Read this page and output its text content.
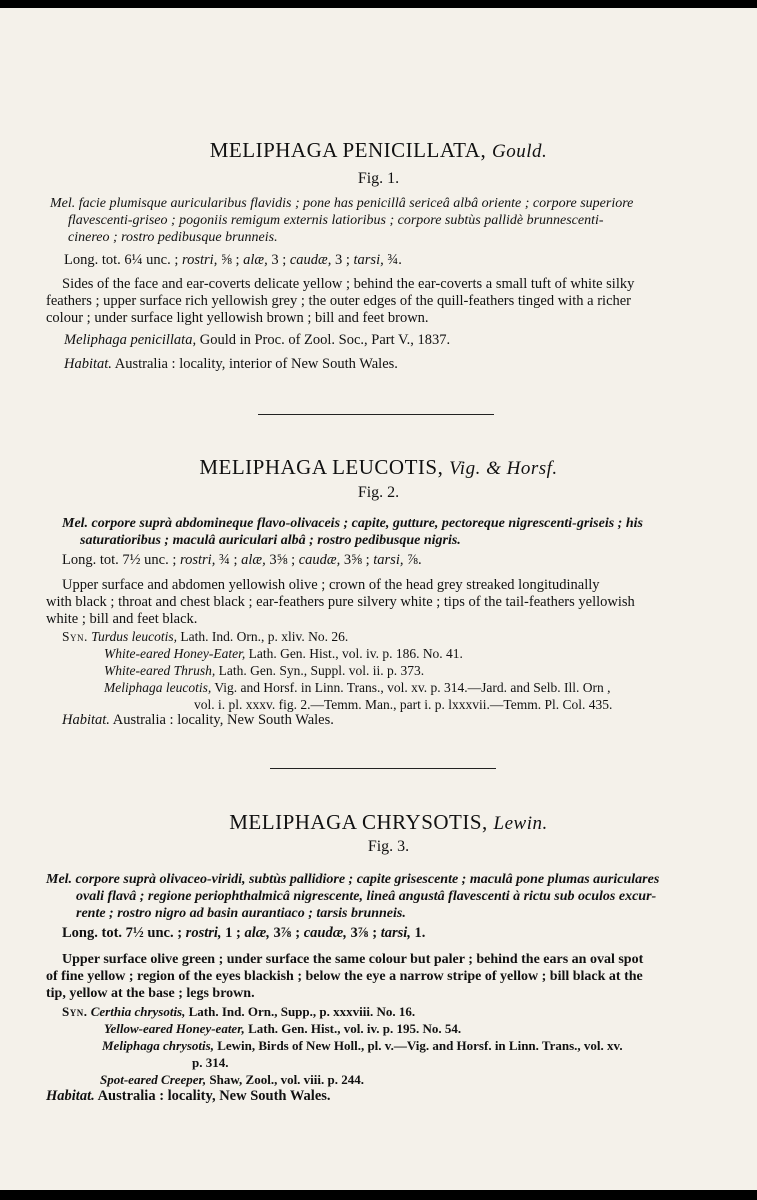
MELIPHAGA PENICILLATA, Gould.
Fig. 1.
Mel. facie plumisque auricularibus flavidis ; pone has penicillâ sericeâ albâ oriente ; corpore superiore
flavescenti-griseo ; pogoniis remigum externis latioribus ; corpore subtùs pallidè brunnescenti-
cinereo ; rostro pedibusque brunneis.
Long. tot. 6¼ unc. ; rostri, ⅝ ; alæ, 3 ; caudæ, 3 ; tarsi, ¾.
Sides of the face and ear-coverts delicate yellow ; behind the ear-coverts a small tuft of white silky
feathers ; upper surface rich yellowish grey ; the outer edges of the quill-feathers tinged with a richer
colour ; under surface light yellowish brown ; bill and feet brown.
Meliphaga penicillata, Gould in Proc. of Zool. Soc., Part V., 1837.
Habitat. Australia : locality, interior of New South Wales.
MELIPHAGA LEUCOTIS, Vig. & Horsf.
Fig. 2.
Mel. corpore suprà abdomineque flavo-olivaceis ; capite, gutture, pectoreque nigrescenti-griseis ; his
saturatioribus ; maculâ auriculari albâ ; rostro pedibusque nigris.
Long. tot. 7½ unc. ; rostri, ¾ ; alæ, 3⅝ ; caudæ, 3⅝ ; tarsi, ⅞.
Upper surface and abdomen yellowish olive ; crown of the head grey streaked longitudinally
with black ; throat and chest black ; ear-feathers pure silvery white ; tips of the tail-feathers yellowish
white ; bill and feet black.
Syn. Turdus leucotis, Lath. Ind. Orn., p. xliv. No. 26.
White-eared Honey-Eater, Lath. Gen. Hist., vol. iv. p. 186. No. 41.
White-eared Thrush, Lath. Gen. Syn., Suppl. vol. ii. p. 373.
Meliphaga leucotis, Vig. and Horsf. in Linn. Trans., vol. xv. p. 314.—Jard. and Selb. Ill. Orn ,
vol. i. pl. xxxv. fig. 2.—Temm. Man., part i. p. lxxxvii.—Temm. Pl. Col. 435.
Habitat. Australia : locality, New South Wales.
MELIPHAGA CHRYSOTIS, Lewin.
Fig. 3.
Mel. corpore suprà olivaceo-viridi, subtùs pallidiore ; capite grisescente ; maculâ pone plumas auriculares
ovali flavâ ; regione periophthalmicâ nigrescente, lineâ angustâ flavescenti à rictu sub oculos excur-
rente ; rostro nigro ad basin aurantiaco ; tarsis brunneis.
Long. tot. 7½ unc. ; rostri, 1 ; alæ, 3⅞ ; caudæ, 3⅞ ; tarsi, 1.
Upper surface olive green ; under surface the same colour but paler ; behind the ears an oval spot
of fine yellow ; region of the eyes blackish ; below the eye a narrow stripe of yellow ; bill black at the
tip, yellow at the base ; legs brown.
Syn. Certhia chrysotis, Lath. Ind. Orn., Supp., p. xxxviii. No. 16.
Yellow-eared Honey-eater, Lath. Gen. Hist., vol. iv. p. 195. No. 54.
Meliphaga chrysotis, Lewin, Birds of New Holl., pl. v.—Vig. and Horsf. in Linn. Trans., vol. xv.
p. 314.
Spot-eared Creeper, Shaw, Zool., vol. viii. p. 244.
Habitat. Australia : locality, New South Wales.
